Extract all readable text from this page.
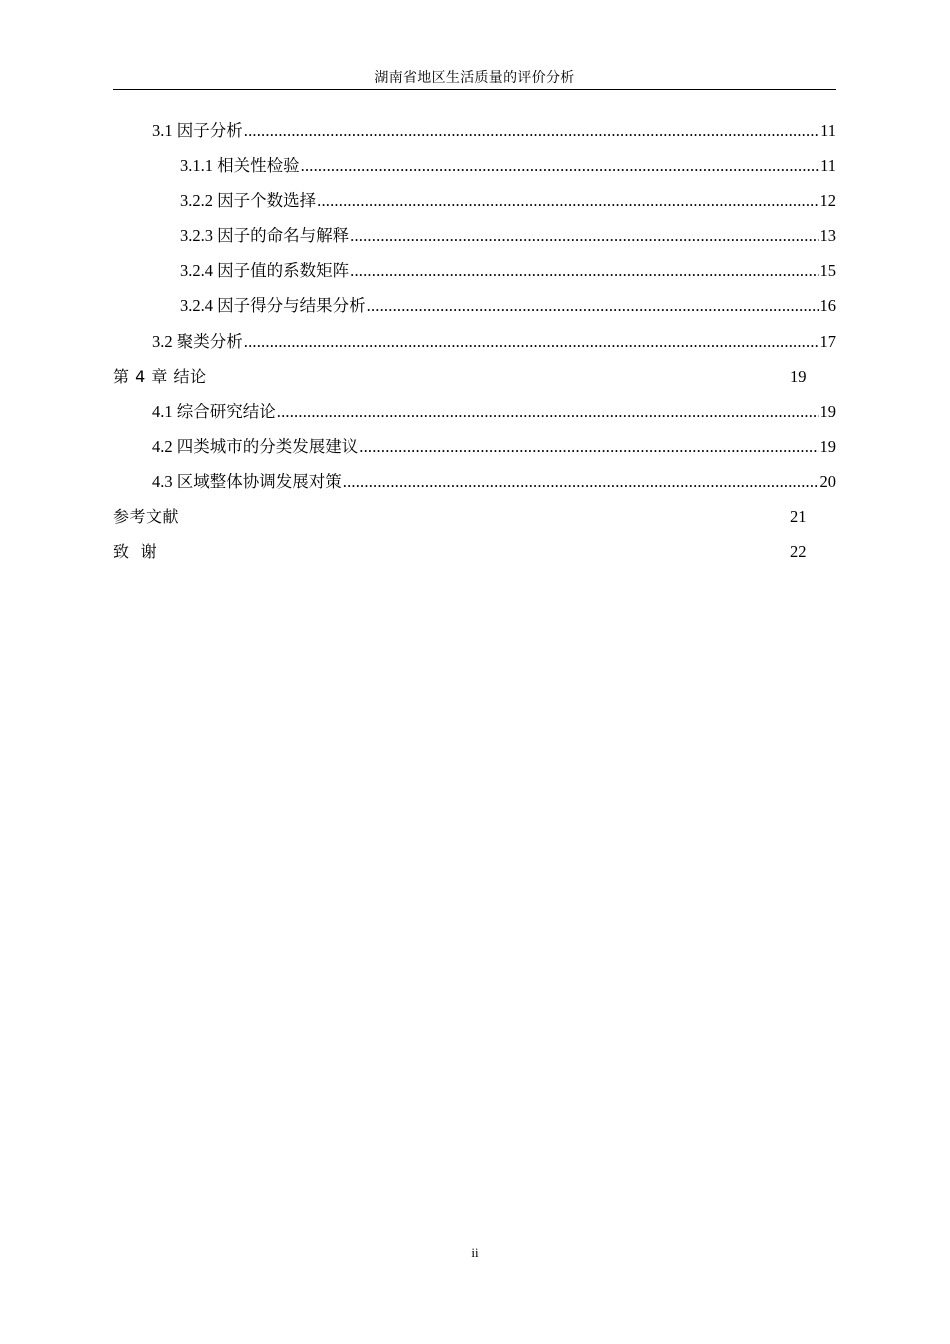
湖南省地区生活质量的评价分析
3.1 因子分析 .....	11
3.1.1 相关性检验 .....	11
3.2.2 因子个数选择 .....	12
3.2.3 因子的命名与解释 .....	13
3.2.4 因子值的系数矩阵 .....	15
3.2.4 因子得分与结果分析 .....	16
3.2 聚类分析 .....	17
第 4 章 结论	19
4.1 综合研究结论 .....	19
4.2 四类城市的分类发展建议 .....	19
4.3 区域整体协调发展对策 .....	20
参考文献	21
致  谢	22
ii
